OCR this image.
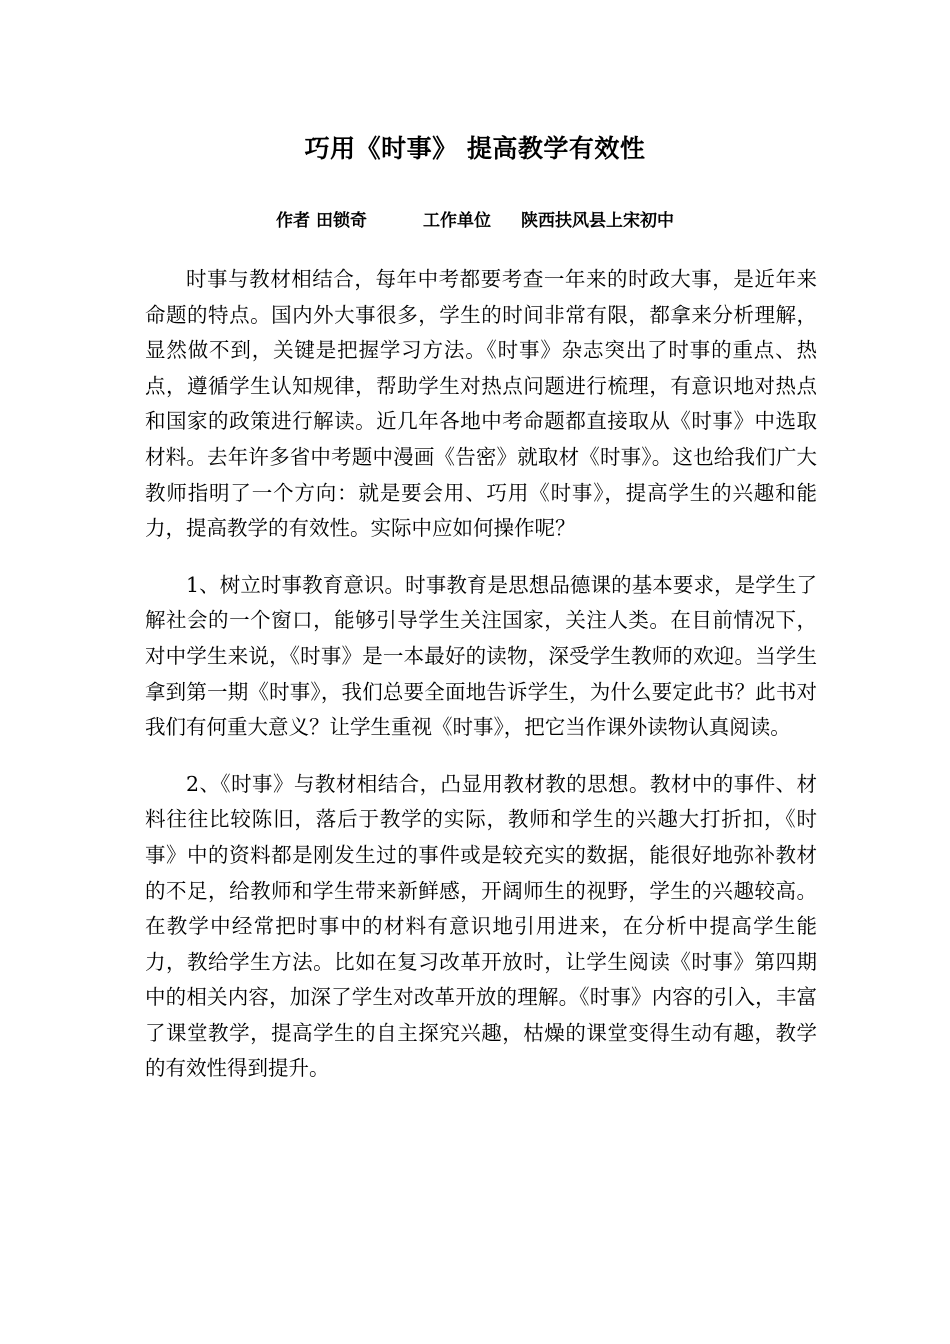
巧用《时事》 提高教学有效性
作者 田锁奇	工作单位 陕西扶风县上宋初中

时事与教材相结合，每年中考都要考查一年来的时政大事，是近年来命题的特点。国内外大事很多，学生的时间非常有限，都拿来分析理解，显然做不到，关键是把握学习方法。《时事》杂志突出了时事的重点、热点，遵循学生认知规律，帮助学生对热点问题进行梳理，有意识地对热点和国家的政策进行解读。近几年各地中考命题都直接取从《时事》中选取材料。去年许多省中考题中漫画《告密》就取材《时事》。这也给我们广大教师指明了一个方向：就是要会用、巧用《时事》，提高学生的兴趣和能力，提高教学的有效性。实际中应如何操作呢？

1、树立时事教育意识。时事教育是思想品德课的基本要求，是学生了解社会的一个窗口，能够引导学生关注国家，关注人类。在目前情况下，对中学生来说，《时事》是一本最好的读物，深受学生教师的欢迎。当学生拿到第一期《时事》，我们总要全面地告诉学生，为什么要定此书？此书对我们有何重大意义？让学生重视《时事》，把它当作课外读物认真阅读。

2、《时事》与教材相结合，凸显用教材教的思想。教材中的事件、材料往往比较陈旧，落后于教学的实际，教师和学生的兴趣大打折扣，《时事》中的资料都是刚发生过的事件或是较充实的数据，能很好地弥补教材的不足，给教师和学生带来新鲜感，开阔师生的视野，学生的兴趣较高。在教学中经常把时事中的材料有意识地引用进来，在分析中提高学生能力，教给学生方法。比如在复习改革开放时，让学生阅读《时事》第四期中的相关内容，加深了学生对改革开放的理解。《时事》内容的引入，丰富了课堂教学，提高学生的自主探究兴趣，枯燥的课堂变得生动有趣，教学的有效性得到提升。
